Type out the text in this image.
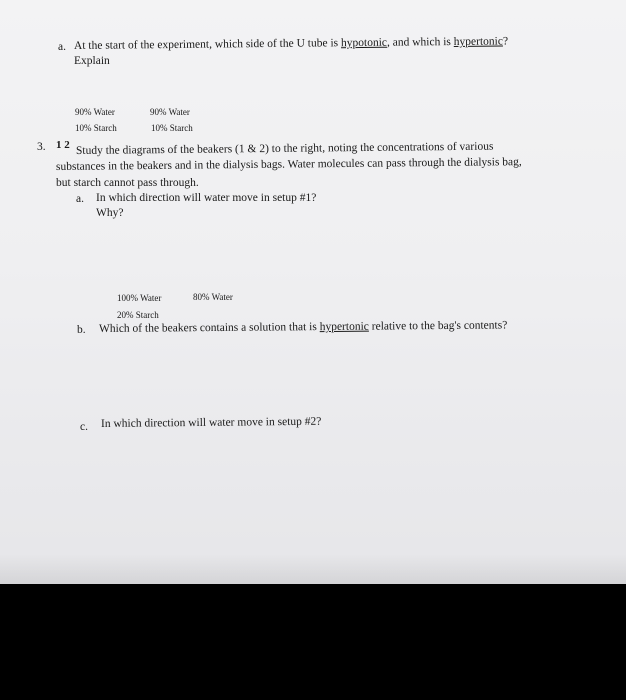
a. At the start of the experiment, which side of the U tube is hypotonic, and which is hypertonic?
Explain
90% Water
10% Starch
90% Water
10% Starch
3. 1 2 Study the diagrams of the beakers (1 & 2) to the right, noting the concentrations of various
substances in the beakers and in the dialysis bags. Water molecules can pass through the dialysis bag,
but starch cannot pass through.
a. In which direction will water move in setup #1?
Why?
100% Water
20% Starch
80% Water
b. Which of the beakers contains a solution that is hypertonic relative to the bag's contents?
c. In which direction will water move in setup #2?
